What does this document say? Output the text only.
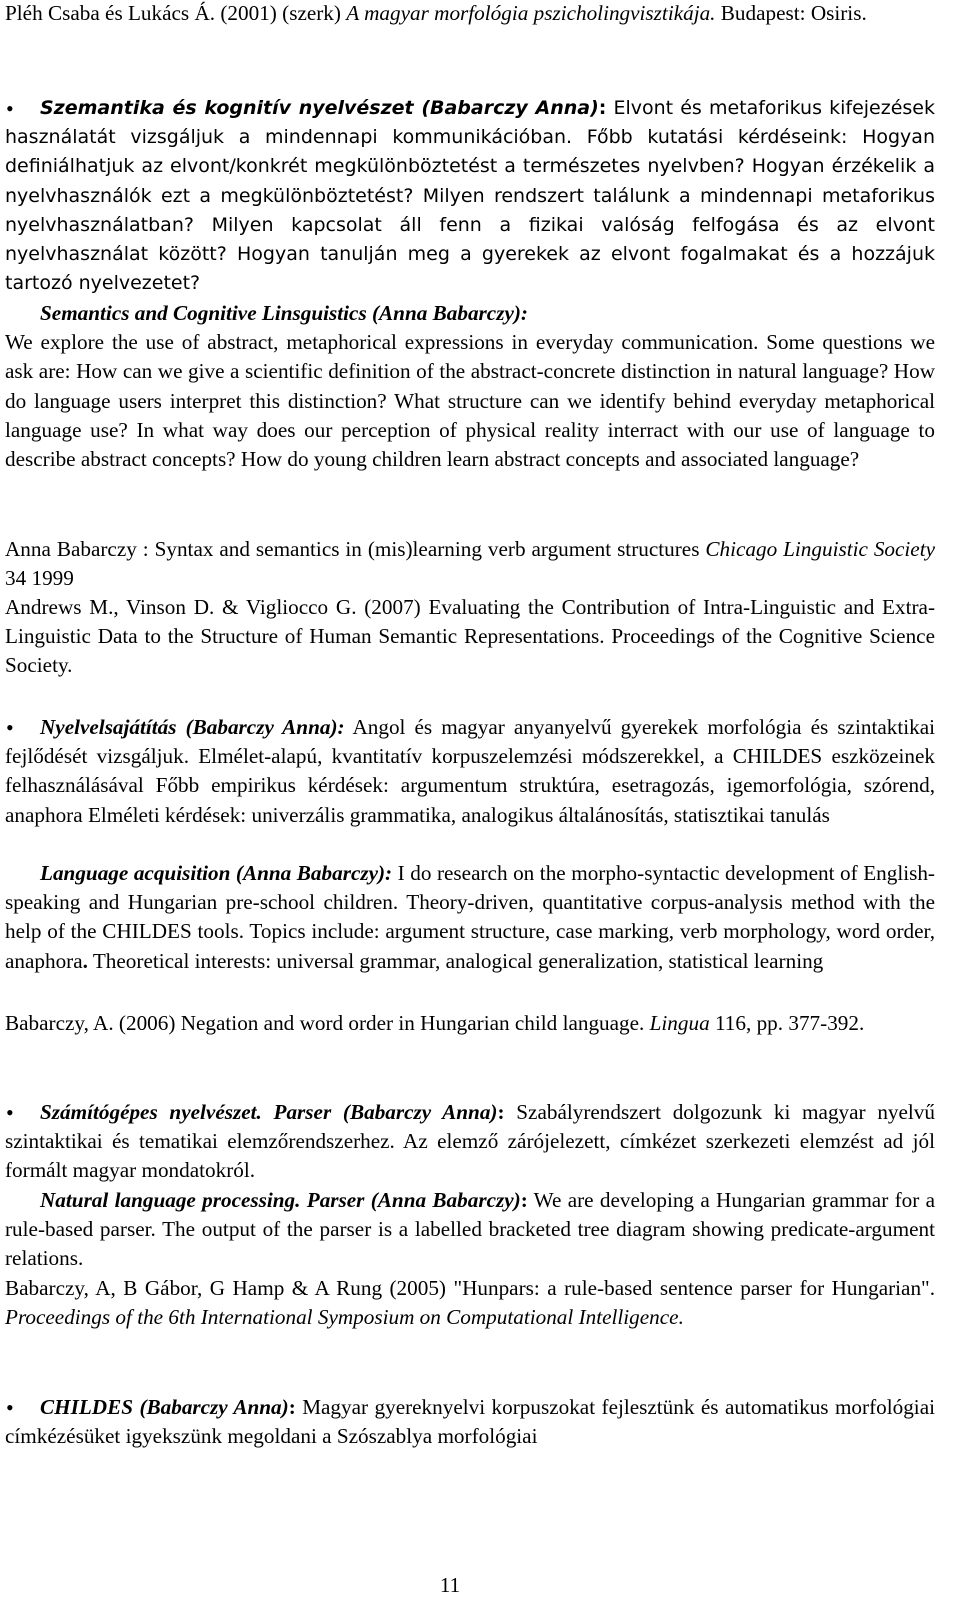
Pléh Csaba és Lukács Á. (2001) (szerk) A magyar morfológia pszicholingvisztikája. Budapest: Osiris.

•	Szemantika és kognitív nyelvészet (Babarczy Anna): Elvont és metaforikus kifejezések használatát vizsgáljuk a mindennapi kommunikációban. Főbb kutatási kérdéseink: Hogyan definiálhatjuk az elvont/konkrét megkülönböztetést a természetes nyelvben? Hogyan érzékelik a nyelvhasználók ezt a megkülönböztetést? Milyen rendszert találunk a mindennapi metaforikus nyelvhasználatban? Milyen kapcsolat áll fenn a fizikai valóság felfogása és az elvont nyelvhasználat között? Hogyan tanulján meg a gyerekek az elvont fogalmakat és a hozzájuk tartozó nyelvezetet?

Semantics and Cognitive Linsguistics (Anna Babarczy):
We explore the use of abstract, metaphorical expressions in everyday communication. Some questions we ask are: How can we give a scientific definition of the abstract-concrete distinction in natural language? How do language users interpret this distinction? What structure can we identify behind everyday metaphorical language use? In what way does our perception of physical reality interract with our use of language to describe abstract concepts? How do young children learn abstract concepts and associated language?

Anna Babarczy : Syntax and semantics in (mis)learning verb argument structures Chicago Linguistic Society 34 1999

Andrews M., Vinson D. & Vigliocco G. (2007) Evaluating the Contribution of Intra-Linguistic and Extra-Linguistic Data to the Structure of Human Semantic Representations. Proceedings of the Cognitive Science Society.

•	Nyelvelsajátítás (Babarczy Anna): Angol és magyar anyanyelvű gyerekek morfológia és szintaktikai fejlődését vizsgáljuk. Elmélet-alapú, kvantitatív korpuszelemzési módszerekkel, a CHILDES eszközeinek felhasználásával Főbb empirikus kérdések: argumentum struktúra, esetragozás, igemorfológia, szórend, anaphora Elméleti kérdések: univerzális grammatika, analogikus általánosítás, statisztikai tanulás

Language acquisition (Anna Babarczy): I do research on the morpho-syntactic development of English-speaking and Hungarian pre-school children. Theory-driven, quantitative corpus-analysis method with the help of the CHILDES tools. Topics include: argument structure, case marking, verb morphology, word order, anaphora. Theoretical interests: universal grammar, analogical generalization, statistical learning

Babarczy, A. (2006) Negation and word order in Hungarian child language. Lingua 116, pp. 377-392.

•	Számítógépes nyelvészet. Parser (Babarczy Anna): Szabályrendszert dolgozunk ki magyar nyelvű szintaktikai és tematikai elemzőrendszerhez. Az elemző zárójelezett, címkézet szerkezeti elemzést ad jól formált magyar mondatokról.

Natural language processing. Parser (Anna Babarczy): We are developing a Hungarian grammar for a rule-based parser. The output of the parser is a labelled bracketed tree diagram showing predicate-argument relations.

Babarczy, A, B Gábor, G Hamp & A Rung (2005) "Hunpars: a rule-based sentence parser for Hungarian". Proceedings of the 6th International Symposium on Computational Intelligence.

•	CHILDES (Babarczy Anna): Magyar gyereknyelvi korpuszokat fejlesztünk és automatikus morfológiai címkézésüket igyekszünk megoldani a Szószablya morfológiai

11
